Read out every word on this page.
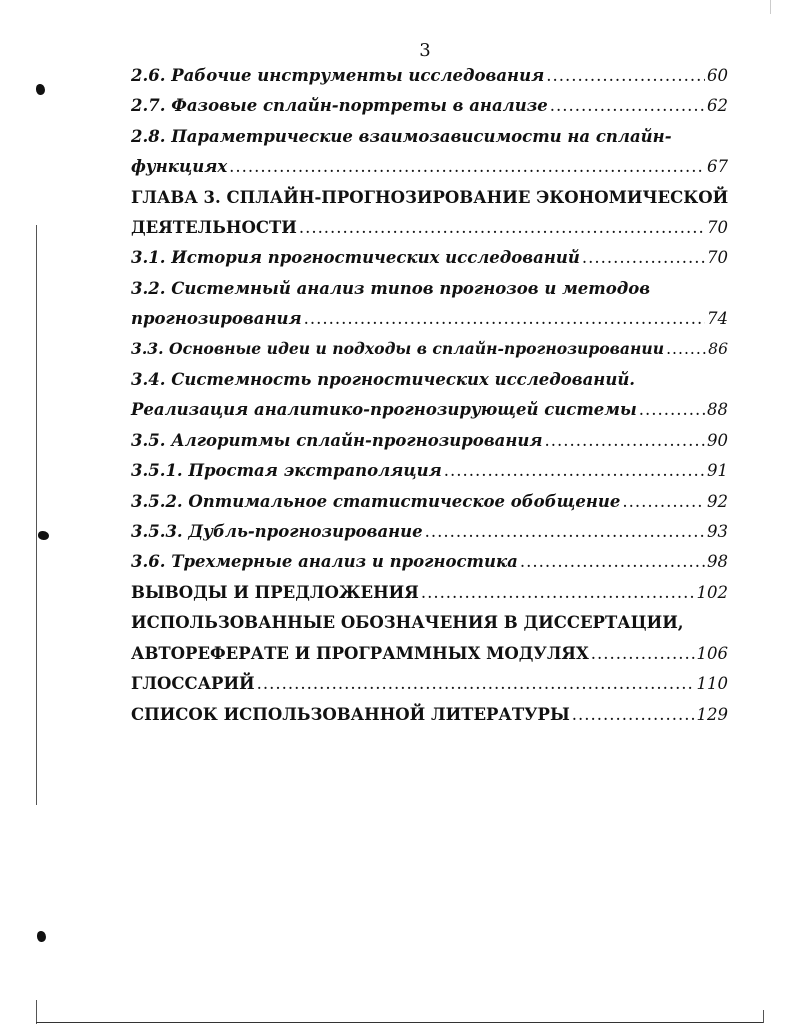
3
2.6. Рабочие инструменты исследования .....	60
2.7. Фазовые сплайн-портреты в анализе .....	62
2.8. Параметрические взаимозависимости на сплайн-
функциях .....	67
ГЛАВА 3. СПЛАЙН-ПРОГНОЗИРОВАНИЕ ЭКОНОМИЧЕСКОЙ
ДЕЯТЕЛЬНОСТИ .....	70
3.1. История прогностических исследований .....	70
3.2. Системный анализ типов прогнозов и методов
прогнозирования .....	74
3.3. Основные идеи и подходы в сплайн-прогнозировании .....	86
3.4. Системность прогностических исследований.
Реализация аналитико-прогнозирующей системы .....	88
3.5. Алгоритмы сплайн-прогнозирования .....	90
3.5.1. Простая экстраполяция .....	91
3.5.2. Оптимальное статистическое обобщение .....	92
3.5.3. Дубль-прогнозирование .....	93
3.6. Трехмерные анализ и прогностика .....	98
ВЫВОДЫ И ПРЕДЛОЖЕНИЯ .....	102
ИСПОЛЬЗОВАННЫЕ ОБОЗНАЧЕНИЯ В ДИССЕРТАЦИИ,
АВТОРЕФЕРАТЕ И ПРОГРАММНЫХ МОДУЛЯХ .....	106
ГЛОССАРИЙ .....	110
СПИСОК ИСПОЛЬЗОВАННОЙ ЛИТЕРАТУРЫ .....	129
